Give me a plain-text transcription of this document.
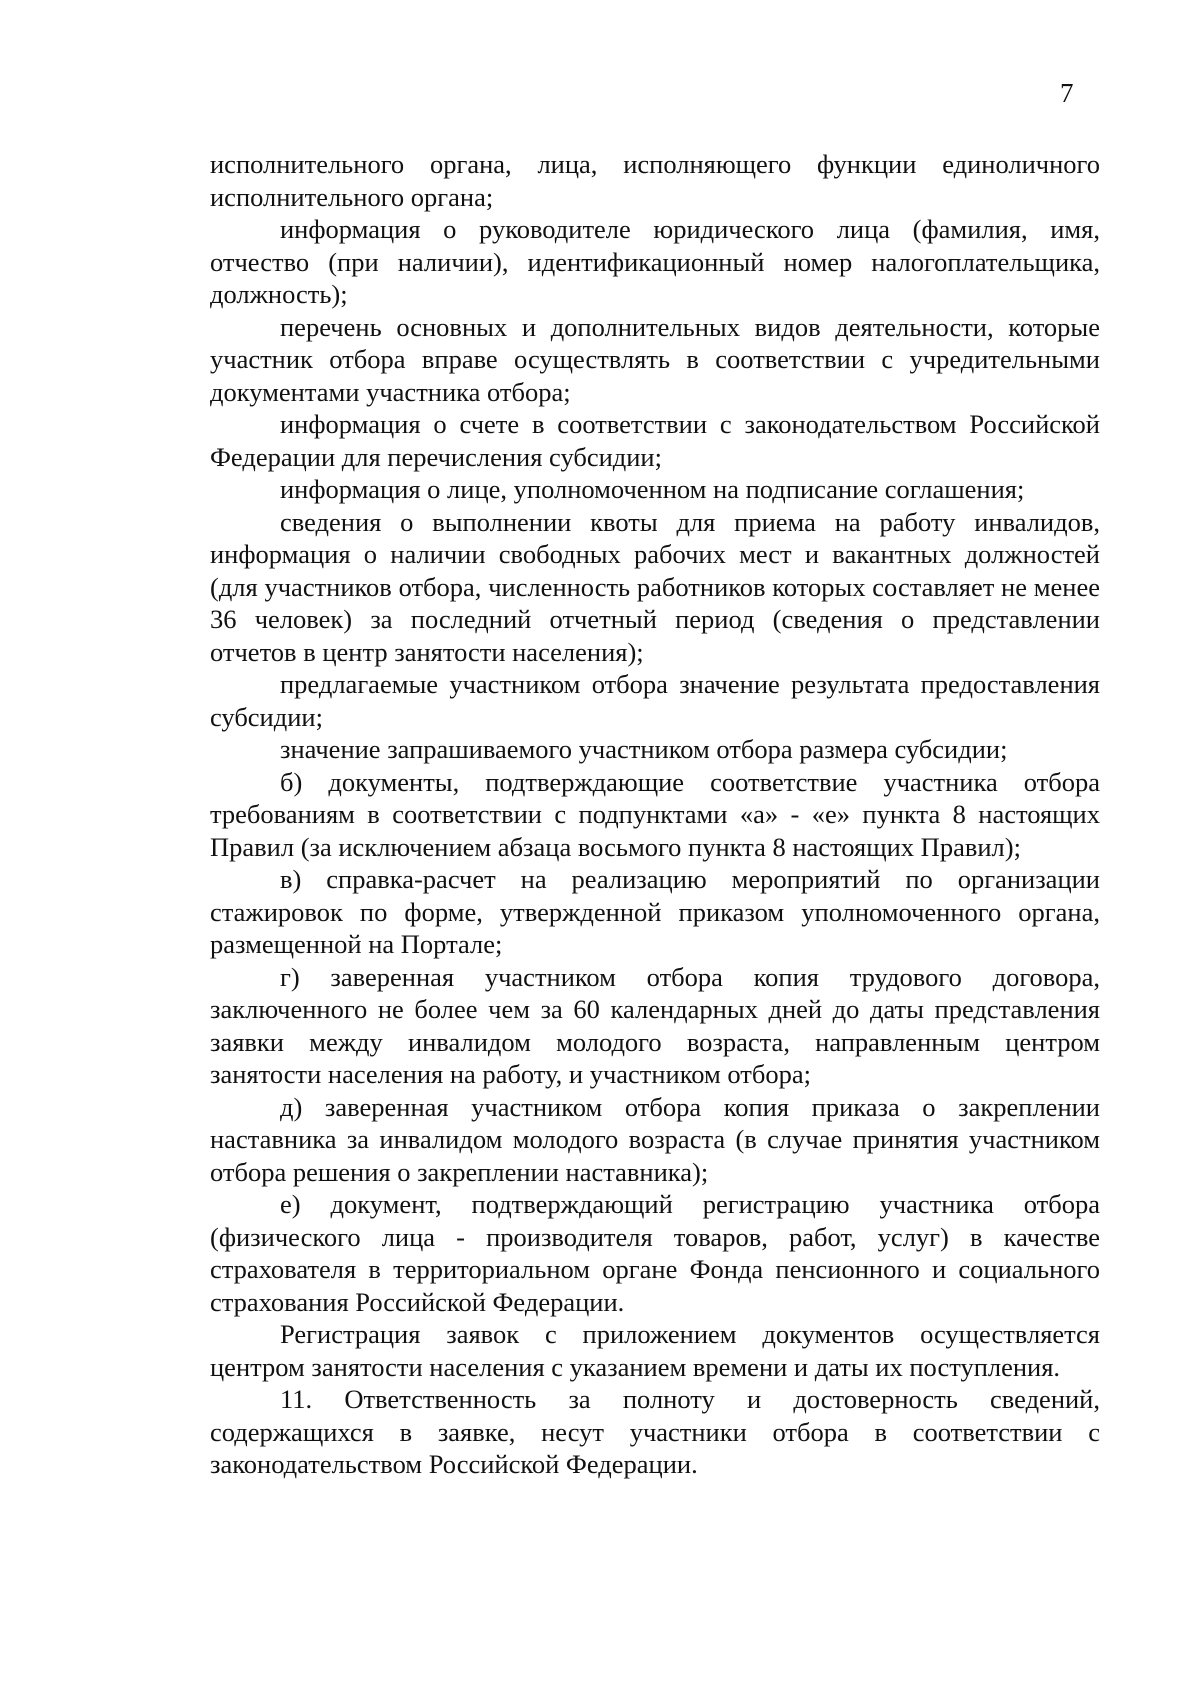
7

исполнительного органа, лица, исполняющего функции единоличного исполнительного органа;

информация о руководителе юридического лица (фамилия, имя, отчество (при наличии), идентификационный номер налогоплательщика, должность);

перечень основных и дополнительных видов деятельности, которые участник отбора вправе осуществлять в соответствии с учредительными документами участника отбора;

информация о счете в соответствии с законодательством Российской Федерации для перечисления субсидии;

информация о лице, уполномоченном на подписание соглашения;

сведения о выполнении квоты для приема на работу инвалидов, информация о наличии свободных рабочих мест и вакантных должностей (для участников отбора, численность работников которых составляет не менее 36 человек) за последний отчетный период (сведения о представлении отчетов в центр занятости населения);

предлагаемые участником отбора значение результата предоставления субсидии;

значение запрашиваемого участником отбора размера субсидии;

б) документы, подтверждающие соответствие участника отбора требованиям в соответствии с подпунктами «а» - «е» пункта 8 настоящих Правил (за исключением абзаца восьмого пункта 8 настоящих Правил);

в) справка-расчет на реализацию мероприятий по организации стажировок по форме, утвержденной приказом уполномоченного органа, размещенной на Портале;

г) заверенная участником отбора копия трудового договора, заключенного не более чем за 60 календарных дней до даты представления заявки между инвалидом молодого возраста, направленным центром занятости населения на работу, и участником отбора;

д) заверенная участником отбора копия приказа о закреплении наставника за инвалидом молодого возраста (в случае принятия участником отбора решения о закреплении наставника);

е) документ, подтверждающий регистрацию участника отбора (физического лица - производителя товаров, работ, услуг) в качестве страхователя в территориальном органе Фонда пенсионного и социального страхования Российской Федерации.

Регистрация заявок с приложением документов осуществляется центром занятости населения с указанием времени и даты их поступления.

11. Ответственность за полноту и достоверность сведений, содержащихся в заявке, несут участники отбора в соответствии с законодательством Российской Федерации.
